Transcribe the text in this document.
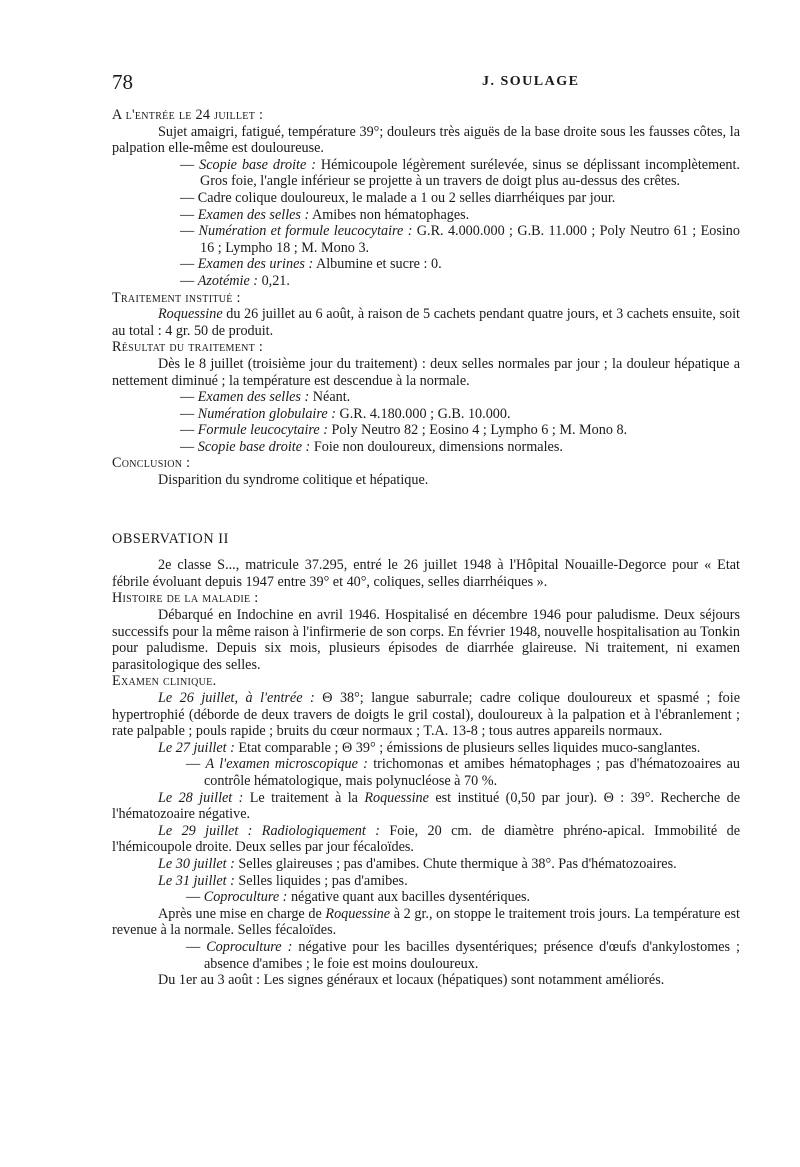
78	J. SOULAGE

A l'entrée le 24 juillet :

Sujet amaigri, fatigué, température 39°; douleurs très aiguës de la base droite sous les fausses côtes, la palpation elle-même est douloureuse.

— Scopie base droite : Hémicoupole légèrement surélevée, sinus se déplissant incomplètement. Gros foie, l'angle inférieur se projette à un travers de doigt plus au-dessus des crêtes.

— Cadre colique douloureux, le malade a 1 ou 2 selles diarrhéiques par jour.

— Examen des selles : Amibes non hématophages.

— Numération et formule leucocytaire : G.R. 4.000.000 ; G.B. 11.000 ; Poly Neutro 61 ; Eosino 16 ; Lympho 18 ; M. Mono 3.

— Examen des urines : Albumine et sucre : 0.

— Azotémie : 0,21.

Traitement institué :

Roquessine du 26 juillet au 6 août, à raison de 5 cachets pendant quatre jours, et 3 cachets ensuite, soit au total : 4 gr. 50 de produit.

Résultat du traitement :

Dès le 8 juillet (troisième jour du traitement) : deux selles normales par jour ; la douleur hépatique a nettement diminué ; la température est descendue à la normale.

— Examen des selles : Néant.

— Numération globulaire : G.R. 4.180.000 ; G.B. 10.000.

— Formule leucocytaire : Poly Neutro 82 ; Eosino 4 ; Lympho 6 ; M. Mono 8.

— Scopie base droite : Foie non douloureux, dimensions normales.

Conclusion :

Disparition du syndrome colitique et hépatique.

OBSERVATION II

2e classe S..., matricule 37.295, entré le 26 juillet 1948 à l'Hôpital Nouaille-Degorce pour « Etat fébrile évoluant depuis 1947 entre 39° et 40°, coliques, selles diarrhéiques ».

Histoire de la maladie :

Débarqué en Indochine en avril 1946. Hospitalisé en décembre 1946 pour paludisme. Deux séjours successifs pour la même raison à l'infirmerie de son corps. En février 1948, nouvelle hospitalisation au Tonkin pour paludisme. Depuis six mois, plusieurs épisodes de diarrhée glaireuse. Ni traitement, ni examen parasitologique des selles.

Examen clinique.

Le 26 juillet, à l'entrée : Θ 38°; langue saburrale; cadre colique douloureux et spasmé ; foie hypertrophié (déborde de deux travers de doigts le gril costal), douloureux à la palpation et à l'ébranlement ; rate palpable ; pouls rapide ; bruits du cœur normaux ; T.A. 13-8 ; tous autres appareils normaux.

Le 27 juillet : Etat comparable ; Θ 39° ; émissions de plusieurs selles liquides muco-sanglantes.

— A l'examen microscopique : trichomonas et amibes hématophages ; pas d'hématozoaires au contrôle hématologique, mais polynucléose à 70 %.

Le 28 juillet : Le traitement à la Roquessine est institué (0,50 par jour). Θ : 39°. Recherche de l'hématozoaire négative.

Le 29 juillet : Radiologiquement : Foie, 20 cm. de diamètre phréno-apical. Immobilité de l'hémicoupole droite. Deux selles par jour fécaloïdes.

Le 30 juillet : Selles glaireuses ; pas d'amibes. Chute thermique à 38°. Pas d'hématozoaires.

Le 31 juillet : Selles liquides ; pas d'amibes.

— Coproculture : négative quant aux bacilles dysentériques.

Après une mise en charge de Roquessine à 2 gr., on stoppe le traitement trois jours. La température est revenue à la normale. Selles fécaloïdes.

— Coproculture : négative pour les bacilles dysentériques; présence d'œufs d'ankylostomes ; absence d'amibes ; le foie est moins douloureux.

Du 1er au 3 août : Les signes généraux et locaux (hépatiques) sont notamment améliorés.
